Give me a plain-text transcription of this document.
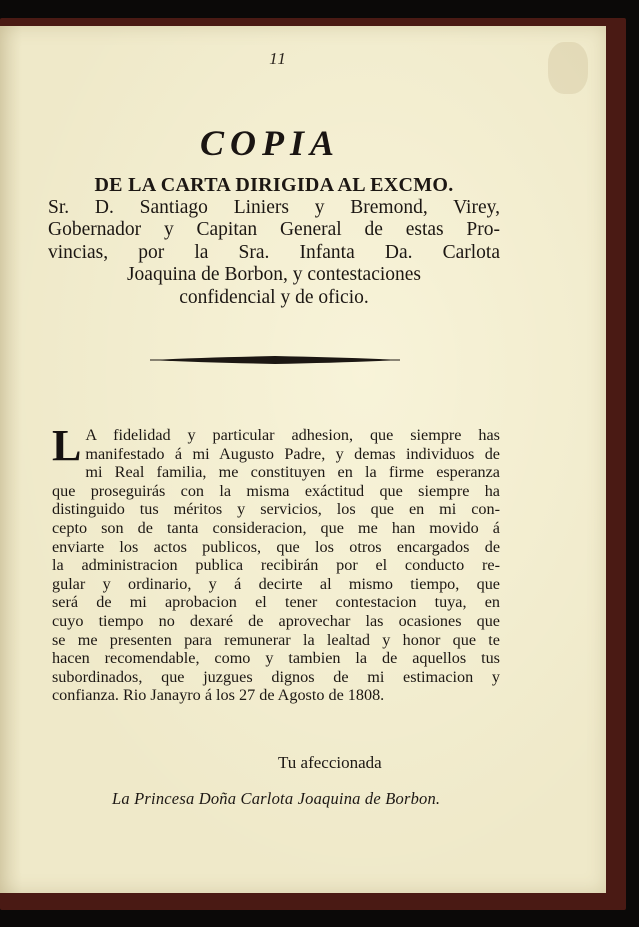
11
COPIA
DE LA CARTA DIRIGIDA AL EXCMO.
Sr. D. Santiago Liniers y Bremond, Virey,
Gobernador y Capitan General de estas Pro-
vincias, por la Sra. Infanta Da. Carlota
Joaquina de Borbon, y contestaciones
confidencial y de oficio.
L A fidelidad y particular adhesion, que siempre has
manifestado á mi Augusto Padre, y demas individuos de
mi Real familia, me constituyen en la firme esperanza
que proseguirás con la misma exáctitud que siempre ha
distinguido tus méritos y servicios, los que en mi con-
cepto son de tanta consideracion, que me han movido á
enviarte los actos publicos, que los otros encargados de
la administracion publica recibirán por el conducto re-
gular y ordinario, y á decirte al mismo tiempo, que
será de mi aprobacion el tener contestacion tuya, en
cuyo tiempo no dexaré de aprovechar las ocasiones que
se me presenten para remunerar la lealtad y honor que te
hacen recomendable, como y tambien la de aquellos tus
subordinados, que juzgues dignos de mi estimacion y
confianza. Rio Janayro á los 27 de Agosto de 1808.
Tu afeccionada
La Princesa Doña Carlota Joaquina de Borbon.
